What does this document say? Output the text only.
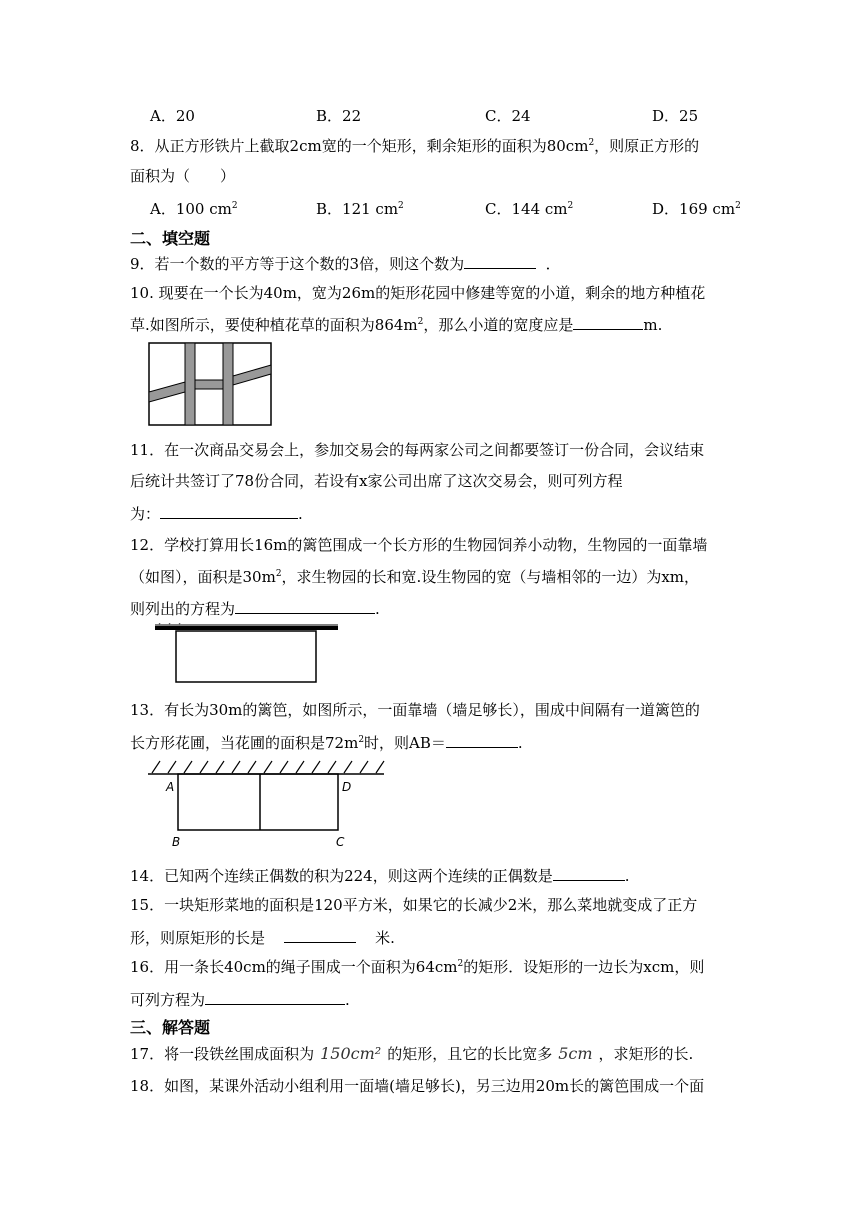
A．20	B．22	C．24	D．25
8．从正方形铁片上截取2cm宽的一个矩形，剩余矩形的面积为$80cm^2$，则原正方形的
面积为（　　）
A．100 $cm^2$	B．121 $cm^2$	C．144 $cm^2$	D．169 $cm^2$
二、填空题
9．若一个数的平方等于这个数的3倍，则这个数为	．
10. 现要在一个长为40m，宽为26m的矩形花园中修建等宽的小道，剩余的地方种植花
草.如图所示，要使种植花草的面积为$864m^2$，那么小道的宽度应是	m.
11．在一次商品交易会上，参加交易会的每两家公司之间都要签订一份合同，会议结束
后统计共签订了78份合同，若设有x家公司出席了这次交易会，则可列方程
为：	.
12．学校打算用长16m的篱笆围成一个长方形的生物园饲养小动物，生物园的一面靠墙
（如图），面积是$30m^2$，求生物园的长和宽.设生物园的宽（与墙相邻的一边）为xm，
则列出的方程为	.
13．有长为30m的篱笆，如图所示，一面靠墙（墙足够长），围成中间隔有一道篱笆的
长方形花圃，当花圃的面积是$72m^2$时，则AB＝	.
A	D
B	C
14．已知两个连续正偶数的积为224，则这两个连续的正偶数是	.
15．一块矩形菜地的面积是120平方米，如果它的长减少2米，那么菜地就变成了正方
形，则原矩形的长是	米.
16．用一条长40cm的绳子围成一个面积为$64cm^2$的矩形．设矩形的一边长为xcm，则
可列方程为	.
三、解答题
17．将一段铁丝围成面积为 150cm² 的矩形，且它的长比宽多 5cm ，求矩形的长.
18．如图，某课外活动小组利用一面墙(墙足够长)，另三边用20m长的篱笆围成一个面
